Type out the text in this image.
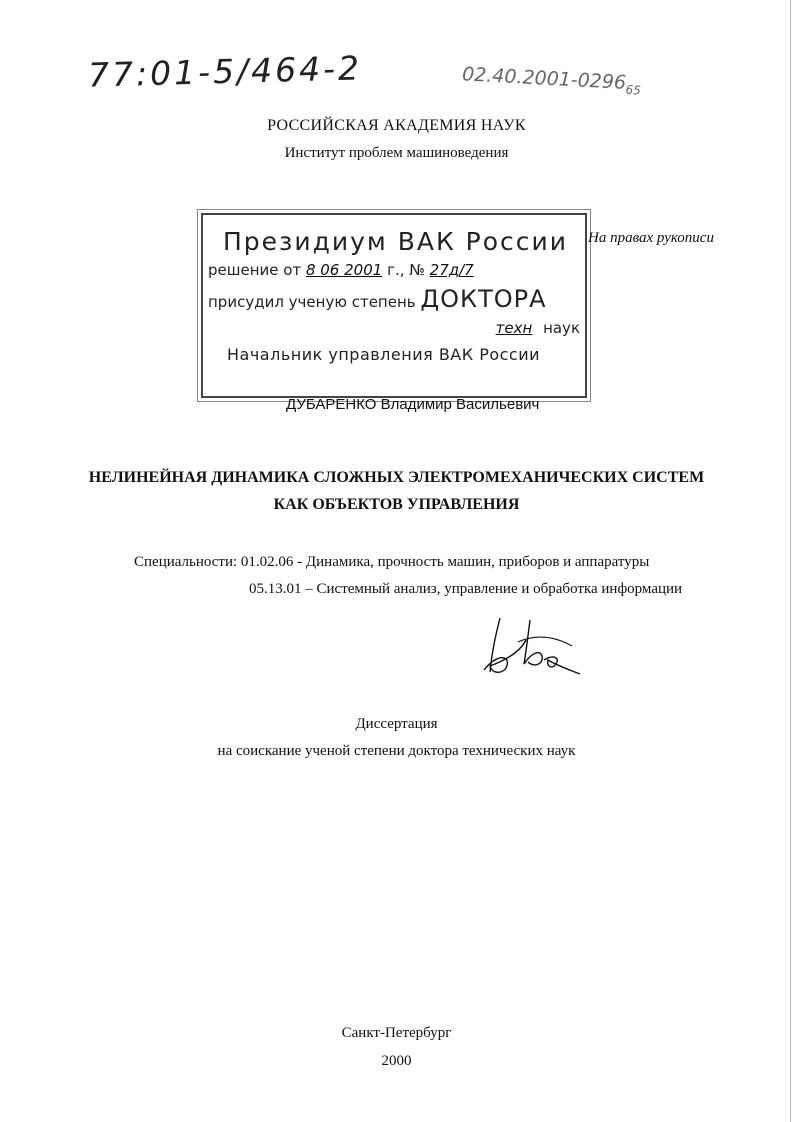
77:01-5/464-2	$02.40.2001-0296_{65}$
РОССИЙСКАЯ АКАДЕМИЯ НАУК
Институт проблем машиноведения
Президиум ВАК России
решение от 8 06 2001 г., № 27д/7
присудил ученую степень ДОКТОРА
техн наук
Начальник управления ВАК России
На правах рукописи
ДУБАРЕНКО Владимир Васильевич
НЕЛИНЕЙНАЯ ДИНАМИКА СЛОЖНЫХ ЭЛЕКТРОМЕХАНИЧЕСКИХ СИСТЕМ
КАК ОБЪЕКТОВ УПРАВЛЕНИЯ
Специальности: 01.02.06 - Динамика, прочность машин, приборов и аппаратуры
05.13.01 – Системный анализ, управление и обработка информации
Диссертация
на соискание ученой степени доктора технических наук
Санкт-Петербург
2000
